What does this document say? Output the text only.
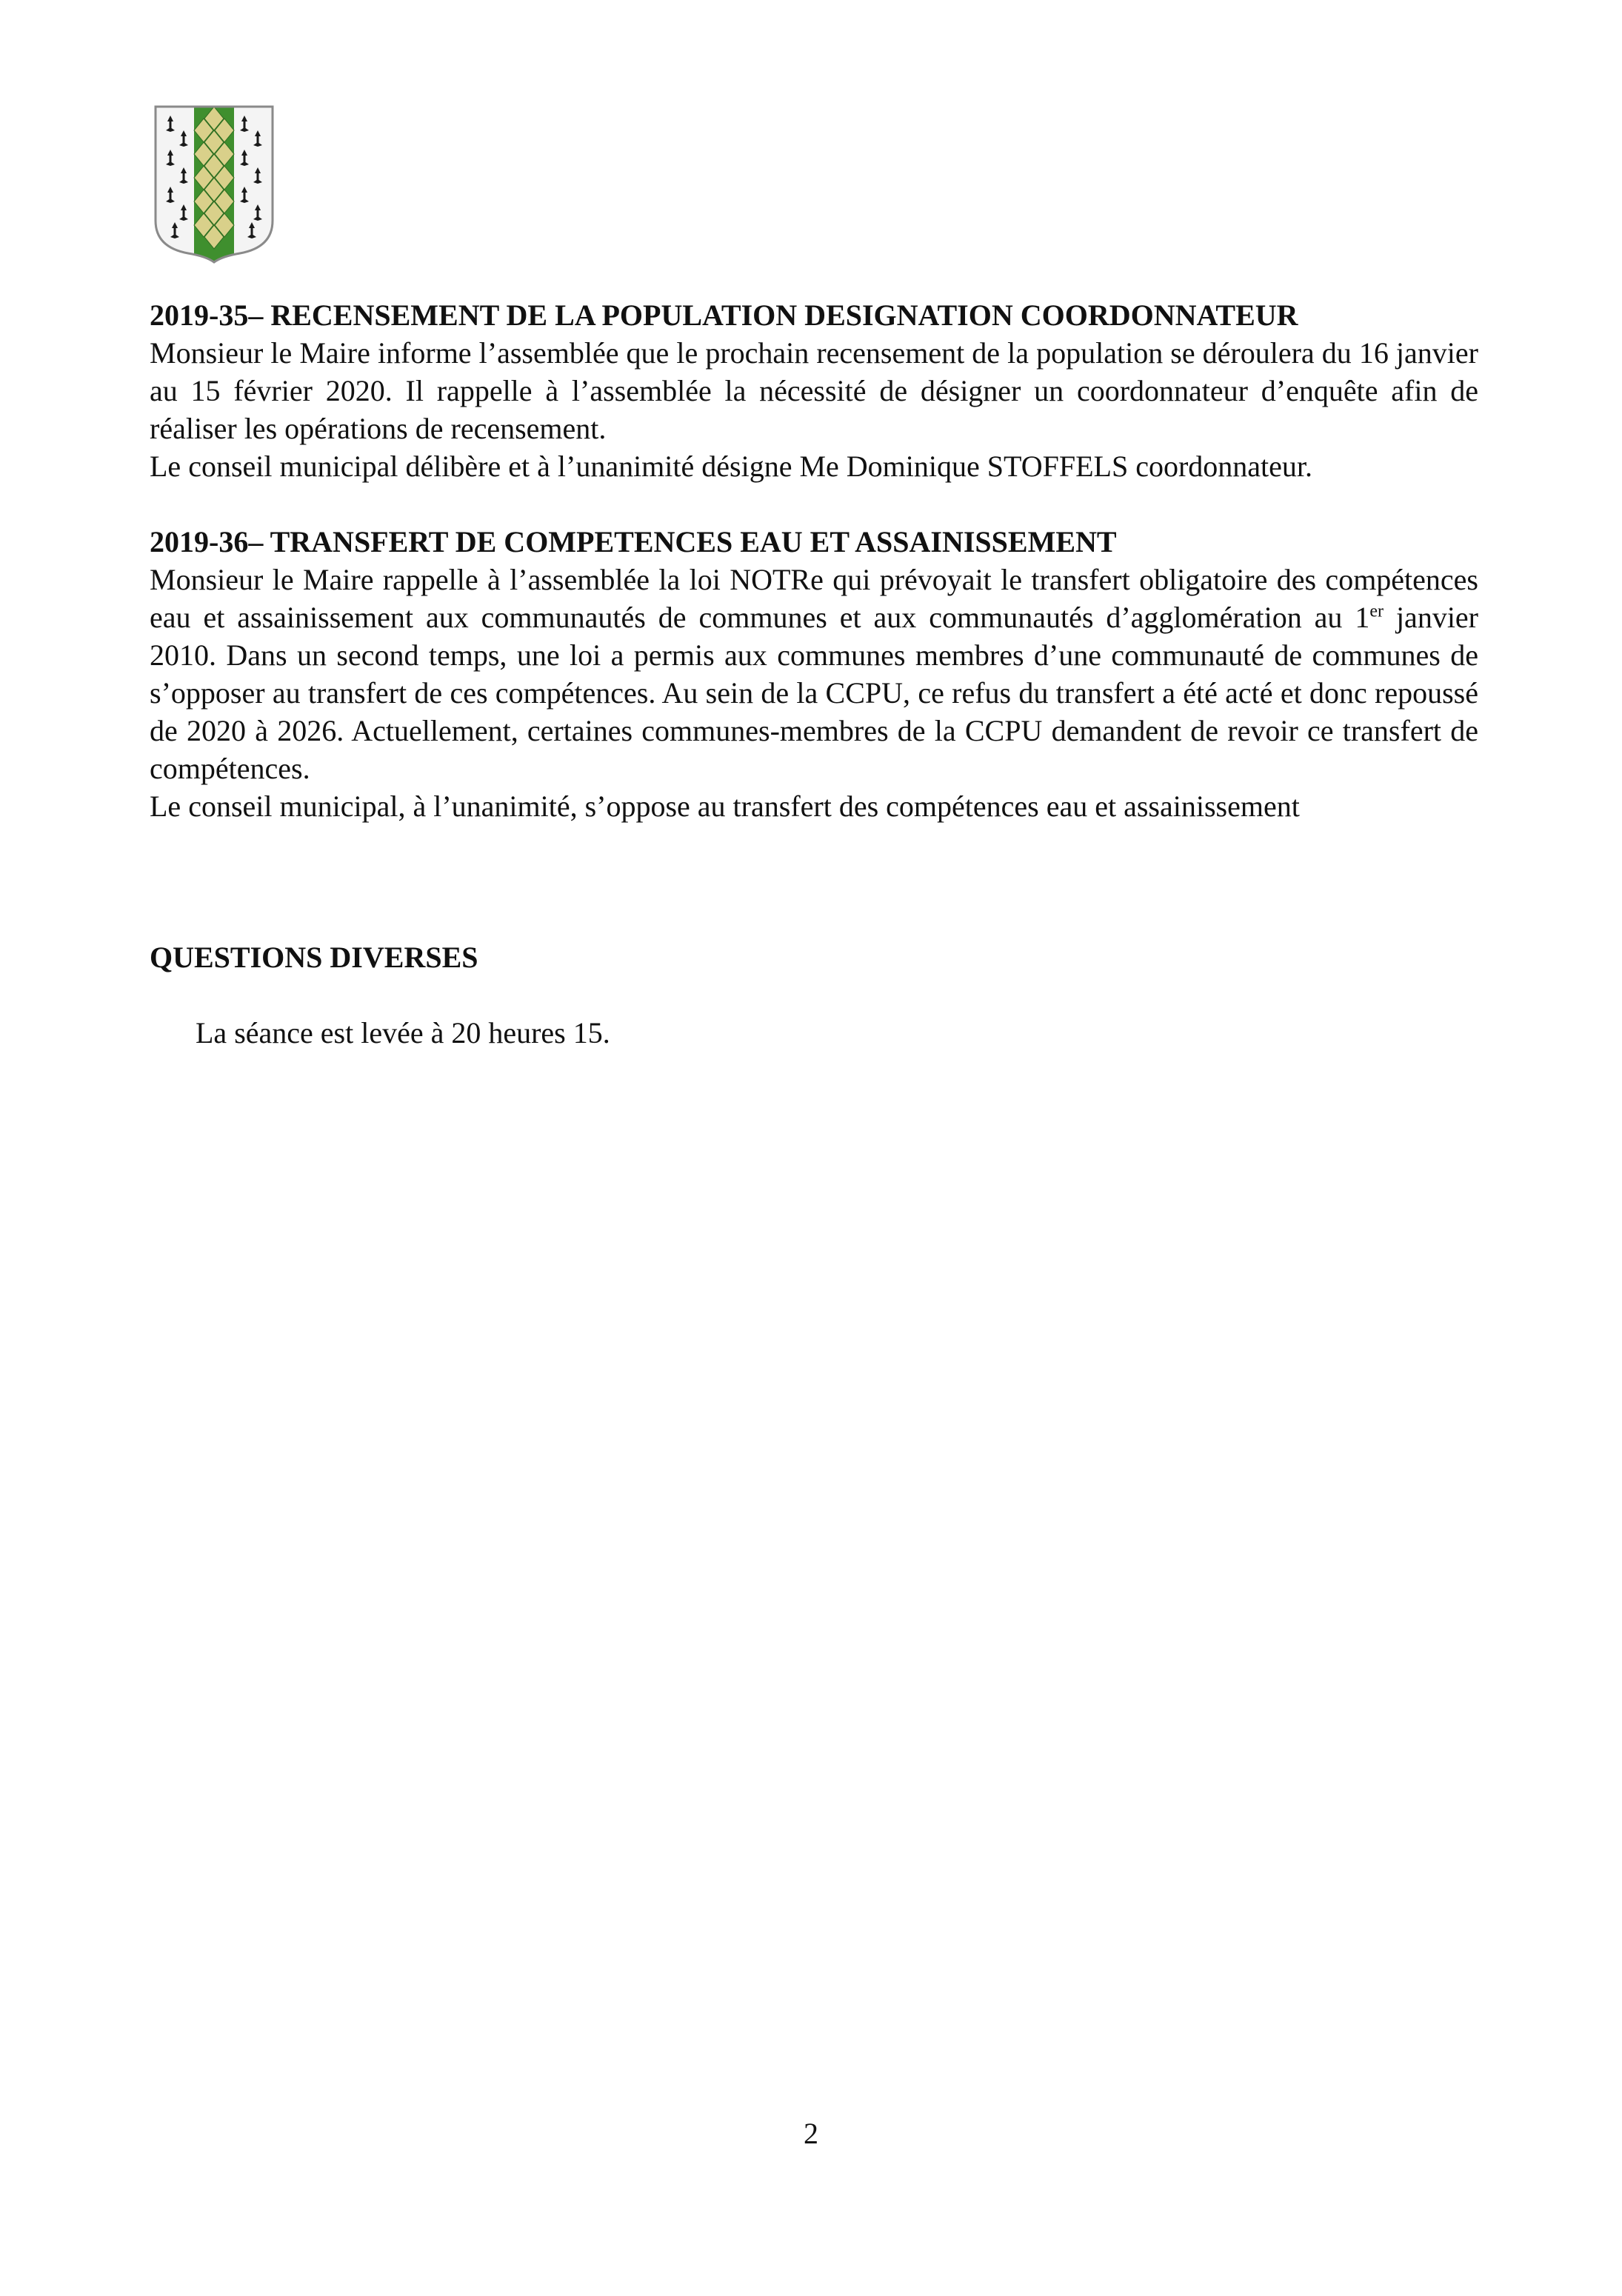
2019-35– RECENSEMENT DE LA POPULATION DESIGNATION COORDONNATEUR

Monsieur le Maire informe l’assemblée que le prochain recensement de la population se déroulera du 16 janvier au 15 février 2020. Il rappelle à l’assemblée la nécessité de désigner un coordonnateur d’enquête afin de réaliser les opérations de recensement.

Le conseil municipal délibère et à l’unanimité désigne Me Dominique STOFFELS coordonnateur.

2019-36– TRANSFERT DE COMPETENCES EAU ET ASSAINISSEMENT

Monsieur le Maire rappelle à l’assemblée la loi NOTRe qui prévoyait le transfert obligatoire des compétences eau et assainissement aux communautés de communes et aux communautés d’agglomération au 1er janvier 2010. Dans un second temps, une loi a permis aux communes membres d’une communauté de communes de s’opposer au transfert de ces compétences. Au sein de la CCPU, ce refus du transfert a été acté et donc repoussé de 2020 à 2026. Actuellement, certaines communes-membres de la CCPU demandent de revoir ce transfert de compétences.

Le conseil municipal, à l’unanimité, s’oppose au transfert des compétences eau et assainissement

QUESTIONS DIVERSES

La séance est levée à 20 heures 15.

2
